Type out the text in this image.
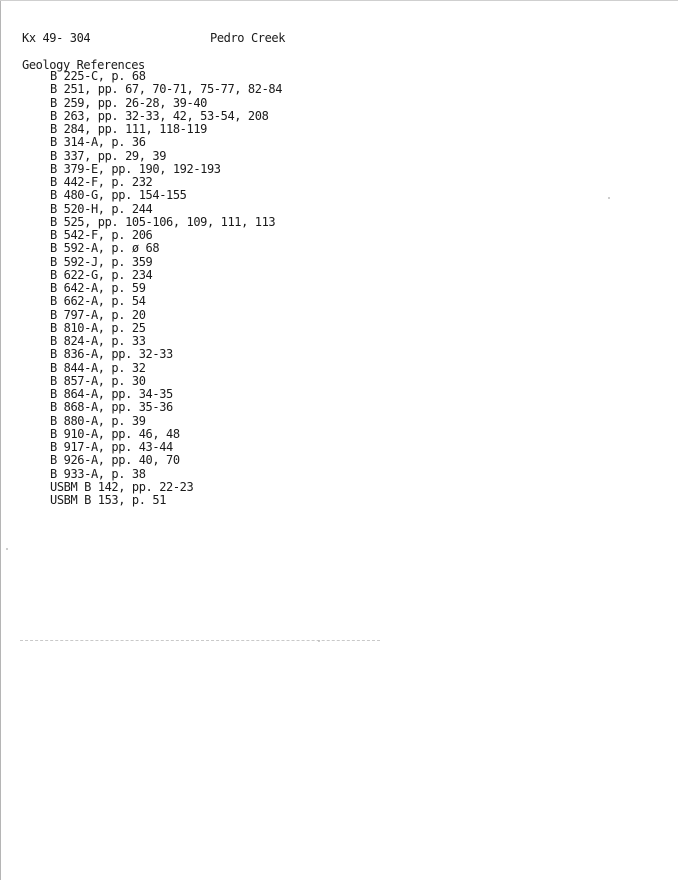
Kx 49- 304	Pedro Creek
Geology References
B 225-C, p. 68
B 251, pp. 67, 70-71, 75-77, 82-84
B 259, pp. 26-28, 39-40
B 263, pp. 32-33, 42, 53-54, 208
B 284, pp. 111, 118-119
B 314-A, p. 36
B 337, pp. 29, 39
B 379-E, pp. 190, 192-193
B 442-F, p. 232
B 480-G, pp. 154-155
B 520-H, p. 244
B 525, pp. 105-106, 109, 111, 113
B 542-F, p. 206
B 592-A, p. ø 68
B 592-J, p. 359
B 622-G, p. 234
B 642-A, p. 59
B 662-A, p. 54
B 797-A, p. 20
B 810-A, p. 25
B 824-A, p. 33
B 836-A, pp. 32-33
B 844-A, p. 32
B 857-A, p. 30
B 864-A, pp. 34-35
B 868-A, pp. 35-36
B 880-A, p. 39
B 910-A, pp. 46, 48
B 917-A, pp. 43-44
B 926-A, pp. 40, 70
B 933-A, p. 38
USBM B 142, pp. 22-23
USBM B 153, p. 51
